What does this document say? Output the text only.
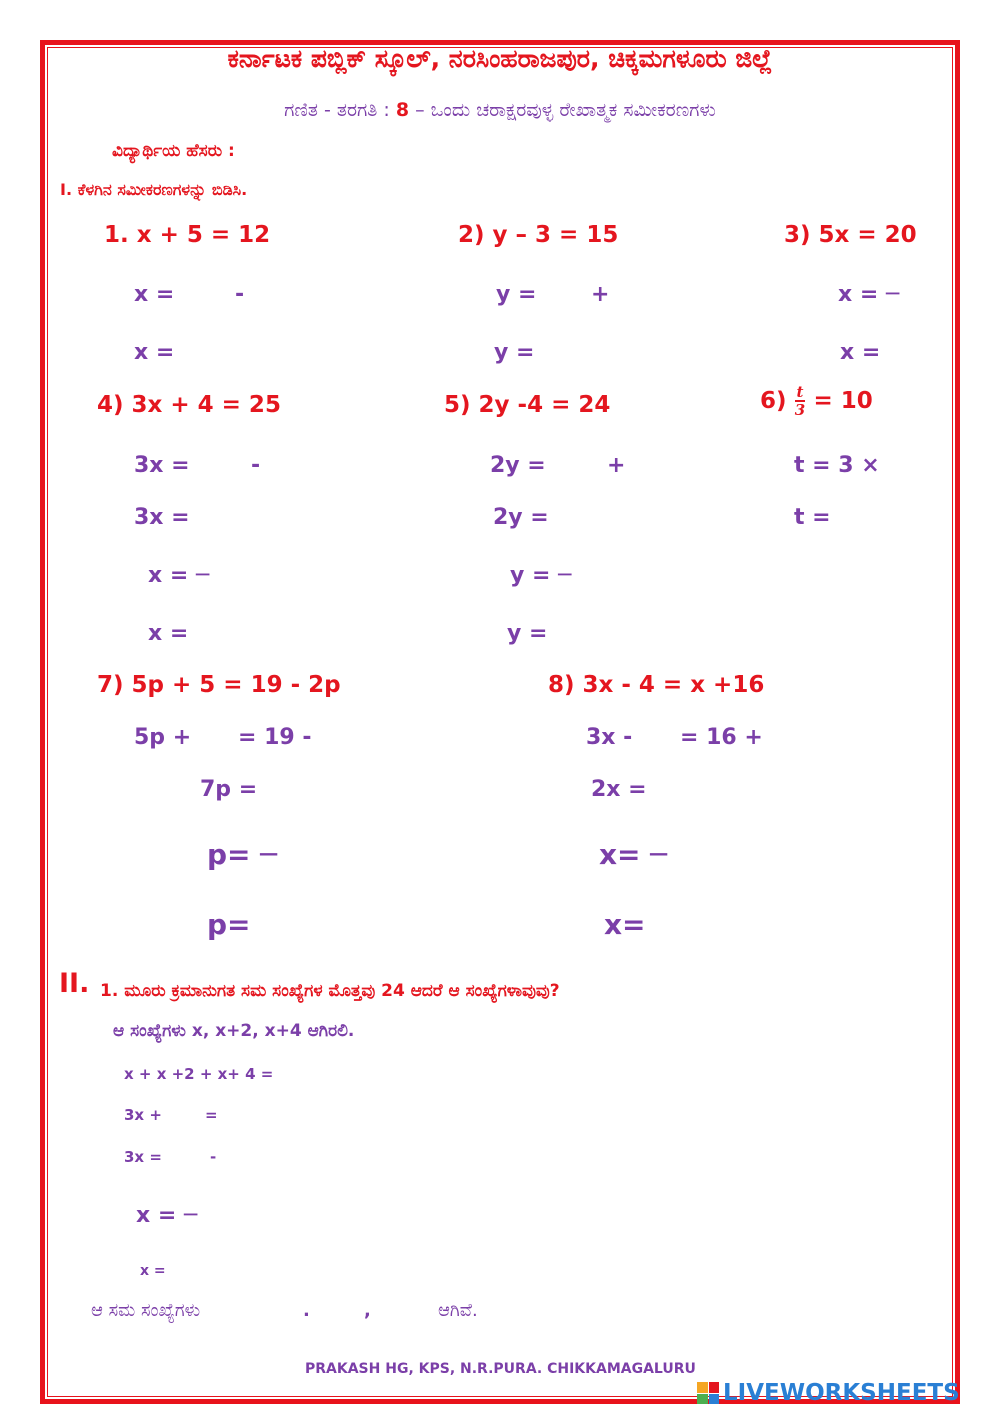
ಕರ್ನಾಟಕ ಪಬ್ಲಿಕ್ ಸ್ಕೂಲ್, ನರಸಿಂಹರಾಜಪುರ, ಚಿಕ್ಕಮಗಳೂರು ಜಿಲ್ಲೆ
ಗಣಿತ - ತರಗತಿ : 8 – ಒಂದು ಚರಾಕ್ಷರವುಳ್ಳ ರೇಖಾತ್ಮಕ ಸಮೀಕರಣಗಳು
ವಿದ್ಯಾರ್ಥಿಯ ಹೆಸರು :
I. ಕೆಳಗಿನ ಸಮೀಕರಣಗಳನ್ನು ಬಿಡಿಸಿ.
1. x + 5 = 12
x =	-
x =
2) y – 3 = 15
y = +
y =
3) 5x = 20
x = ─
x =
4) 3x + 4 = 25
3x =	-
3x =
x = ─
x =
5) 2y -4 = 24
2y =	+
2y =
y = ─
y =
$6) \frac{t}{3} = 10$
t = 3 ×
t =
7) 5p + 5 = 19 - 2p
5p + = 19 -
7p =
p= ─
p=
8) 3x - 4 = x +16
3x - = 16 +
2x =
x= ─
x=
II. 1. ಮೂರು ಕ್ರಮಾನುಗತ ಸಮ ಸಂಖ್ಯೆಗಳ ಮೊತ್ತವು 24 ಆದರೆ ಆ ಸಂಖ್ಯೆಗಳಾವುವು?
ಆ ಸಂಖ್ಯೆಗಳು x, x+2, x+4 ಆಗಿರಲಿ.
x + x +2 + x+ 4 =
3x +	=
3x =	-
x = ─
x =
ಆ ಸಮ ಸಂಖ್ಯೆಗಳು	.	,	ಆಗಿವೆ.
PRAKASH HG, KPS, N.R.PURA. CHIKKAMAGALURU
LIVEWORKSHEETS
